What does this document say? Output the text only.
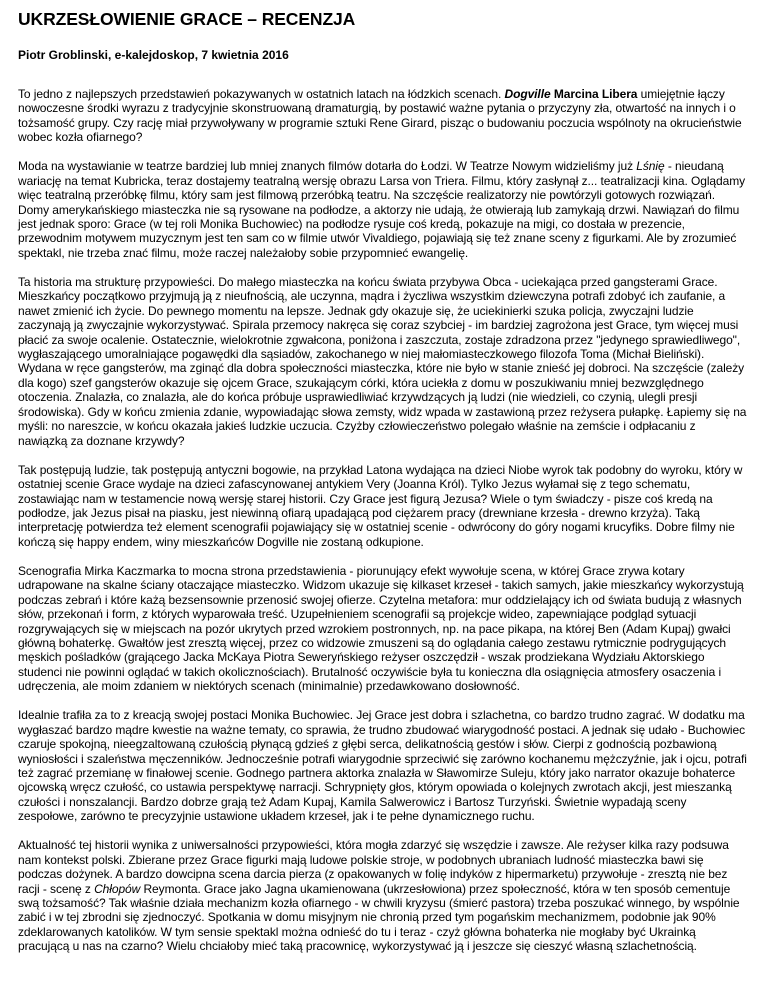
UKRZESŁOWIENIE GRACE – RECENZJA
Piotr Groblinski, e-kalejdoskop, 7 kwietnia 2016

To jedno z najlepszych przedstawień pokazywanych w ostatnich latach na łódzkich scenach. Dogville Marcina Libera umiejętnie łączy nowoczesne środki wyrazu z tradycyjnie skonstruowaną dramaturgią, by postawić ważne pytania o przyczyny zła, otwartość na innych i o tożsamość grupy. Czy rację miał przywoływany w programie sztuki Rene Girard, pisząc o budowaniu poczucia wspólnoty na okrucieństwie wobec kozła ofiarnego?

Moda na wystawianie w teatrze bardziej lub mniej znanych filmów dotarła do Łodzi. W Teatrze Nowym widzieliśmy już Lśnię - nieudaną wariację na temat Kubricka, teraz dostajemy teatralną wersję obrazu Larsa von Triera. Filmu, który zasłynął z... teatralizacji kina. Oglądamy więc teatralną przeróbkę filmu, który sam jest filmową przeróbką teatru. Na szczęście realizatorzy nie powtórzyli gotowych rozwiązań. Domy amerykańskiego miasteczka nie są rysowane na podłodze, a aktorzy nie udają, że otwierają lub zamykają drzwi. Nawiązań do filmu jest jednak sporo: Grace (w tej roli Monika Buchowiec) na podłodze rysuje coś kredą, pokazuje na migi, co dostała w prezencie, przewodnim motywem muzycznym jest ten sam co w filmie utwór Vivaldiego, pojawiają się też znane sceny z figurkami. Ale by zrozumieć spektakl, nie trzeba znać filmu, może raczej należałoby sobie przypomnieć ewangelię.

Ta historia ma strukturę przypowieści. Do małego miasteczka na końcu świata przybywa Obca - uciekająca przed gangsterami Grace. Mieszkańcy początkowo przyjmują ją z nieufnością, ale uczynna, mądra i życzliwa wszystkim dziewczyna potrafi zdobyć ich zaufanie, a nawet zmienić ich życie. Do pewnego momentu na lepsze. Jednak gdy okazuje się, że uciekinierki szuka policja, zwyczajni ludzie zaczynają ją zwyczajnie wykorzystywać. Spirala przemocy nakręca się coraz szybciej - im bardziej zagrożona jest Grace, tym więcej musi płacić za swoje ocalenie. Ostatecznie, wielokrotnie zgwałcona, poniżona i zaszczuta, zostaje zdradzona przez "jedynego sprawiedliwego", wygłaszającego umoralniające pogawędki dla sąsiadów, zakochanego w niej małomiasteczkowego filozofa Toma (Michał Bieliński). Wydana w ręce gangsterów, ma zginąć dla dobra społeczności miasteczka, które nie było w stanie znieść jej dobroci. Na szczęście (zależy dla kogo) szef gangsterów okazuje się ojcem Grace, szukającym córki, która uciekła z domu w poszukiwaniu mniej bezwzględnego otoczenia. Znalazła, co znalazła, ale do końca próbuje usprawiedliwiać krzywdzących ją ludzi (nie wiedzieli, co czynią, ulegli presji środowiska). Gdy w końcu zmienia zdanie, wypowiadając słowa zemsty, widz wpada w zastawioną przez reżysera pułapkę. Łapiemy się na myśli: no nareszcie, w końcu okazała jakieś ludzkie uczucia. Czyżby człowieczeństwo polegało właśnie na zemście i odpłacaniu z nawiązką za doznane krzywdy?

Tak postępują ludzie, tak postępują antyczni bogowie, na przykład Latona wydająca na dzieci Niobe wyrok tak podobny do wyroku, który w ostatniej scenie Grace wydaje na dzieci zafascynowanej antykiem Very (Joanna Król). Tylko Jezus wyłamał się z tego schematu, zostawiając nam w testamencie nową wersję starej historii. Czy Grace jest figurą Jezusa? Wiele o tym świadczy - pisze coś kredą na podłodze, jak Jezus pisał na piasku, jest niewinną ofiarą upadającą pod ciężarem pracy (drewniane krzesła - drewno krzyża). Taką interpretację potwierdza też element scenografii pojawiający się w ostatniej scenie - odwrócony do góry nogami krucyfiks. Dobre filmy nie kończą się happy endem, winy mieszkańców Dogville nie zostaną odkupione.

Scenografia Mirka Kaczmarka to mocna strona przedstawienia - piorunujący efekt wywołuje scena, w której Grace zrywa kotary udrapowane na skalne ściany otaczające miasteczko. Widzom ukazuje się kilkaset krzeseł - takich samych, jakie mieszkańcy wykorzystują podczas zebrań i które każą bezsensownie przenosić swojej ofierze. Czytelna metafora: mur oddzielający ich od świata budują z własnych słów, przekonań i form, z których wyparowała treść. Uzupełnieniem scenografii są projekcje wideo, zapewniające podgląd sytuacji rozgrywających się w miejscach na pozór ukrytych przed wzrokiem postronnych, np. na pace pikapa, na której Ben (Adam Kupaj) gwałci główną bohaterkę. Gwałtów jest zresztą więcej, przez co widzowie zmuszeni są do oglądania całego zestawu rytmicznie podrygujących męskich pośladków (grającego Jacka McKaya Piotra Seweryńskiego reżyser oszczędził - wszak prodziekana Wydziału Aktorskiego studenci nie powinni oglądać w takich okolicznościach). Brutalność oczywiście była tu konieczna dla osiągnięcia atmosfery osaczenia i udręczenia, ale moim zdaniem w niektórych scenach (minimalnie) przedawkowano dosłowność.

Idealnie trafiła za to z kreacją swojej postaci Monika Buchowiec. Jej Grace jest dobra i szlachetna, co bardzo trudno zagrać. W dodatku ma wygłaszać bardzo mądre kwestie na ważne tematy, co sprawia, że trudno zbudować wiarygodność postaci. A jednak się udało - Buchowiec czaruje spokojną, nieegzaltowaną czułością płynącą gdzieś z głębi serca, delikatnością gestów i słów. Cierpi z godnością pozbawioną wyniosłości i szaleństwa męczenników. Jednocześnie potrafi wiarygodnie sprzeciwić się zarówno kochanemu mężczyźnie, jak i ojcu, potrafi też zagrać przemianę w finałowej scenie. Godnego partnera aktorka znalazła w Sławomirze Suleju, który jako narrator okazuje bohaterce ojcowską wręcz czułość, co ustawia perspektywę narracji. Schrypnięty głos, którym opowiada o kolejnych zwrotach akcji, jest mieszanką czułości i nonszalancji. Bardzo dobrze grają też Adam Kupaj, Kamila Salwerowicz i Bartosz Turzyński. Świetnie wypadają sceny zespołowe, zarówno te precyzyjnie ustawione układem krzeseł, jak i te pełne dynamicznego ruchu.

Aktualność tej historii wynika z uniwersalności przypowieści, która mogła zdarzyć się wszędzie i zawsze. Ale reżyser kilka razy podsuwa nam kontekst polski. Zbierane przez Grace figurki mają ludowe polskie stroje, w podobnych ubraniach ludność miasteczka bawi się podczas dożynek. A bardzo dowcipna scena darcia pierza (z opakowanych w folię indyków z hipermarketu) przywołuje - zresztą nie bez racji - scenę z Chłopów Reymonta. Grace jako Jagna ukamienowana (ukrzesłowiona) przez społeczność, która w ten sposób cementuje swą tożsamość? Tak właśnie działa mechanizm kozła ofiarnego - w chwili kryzysu (śmierć pastora) trzeba poszukać winnego, by wspólnie zabić i w tej zbrodni się zjednoczyć. Spotkania w domu misyjnym nie chronią przed tym pogańskim mechanizmem, podobnie jak 90% zdeklarowanych katolików. W tym sensie spektakl można odnieść do tu i teraz - czyż główna bohaterka nie mogłaby być Ukrainką pracującą u nas na czarno? Wielu chciałoby mieć taką pracownicę, wykorzystywać ją i jeszcze się cieszyć własną szlachetnością.
